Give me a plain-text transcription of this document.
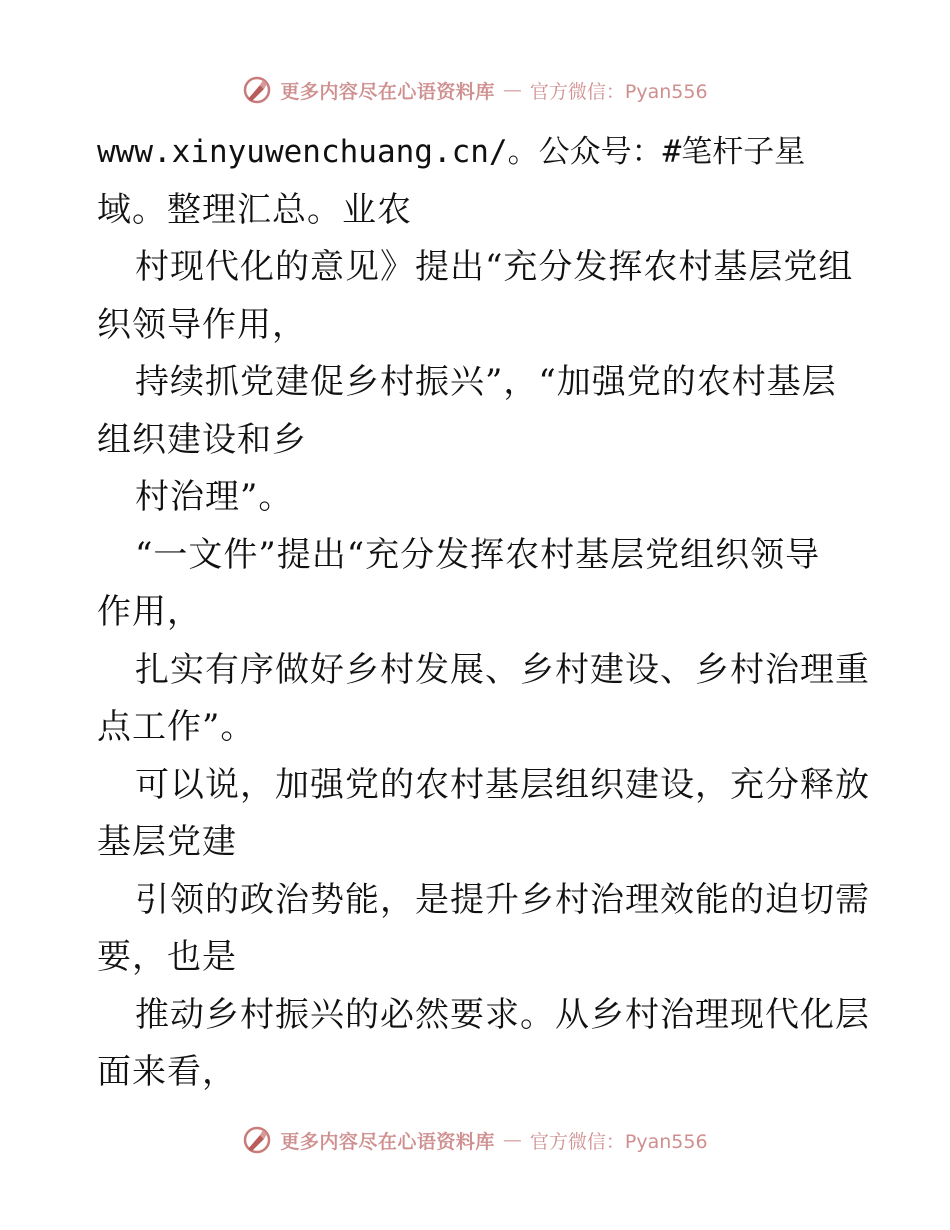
更多内容尽在心语资料库 — 官方微信：Pyan556
www.xinyuwenchuang.cn/。公众号：#笔杆子星
域。整理汇总。业农
村现代化的意见》提出“充分发挥农村基层党组
织领导作用，
持续抓党建促乡村振兴”，“加强党的农村基层
组织建设和乡
村治理”。
“一文件”提出“充分发挥农村基层党组织领导
作用，
扎实有序做好乡村发展、乡村建设、乡村治理重
点工作”。
可以说，加强党的农村基层组织建设，充分释放
基层党建
引领的政治势能，是提升乡村治理效能的迫切需
要，也是
推动乡村振兴的必然要求。从乡村治理现代化层
面来看，
更多内容尽在心语资料库 — 官方微信：Pyan556
